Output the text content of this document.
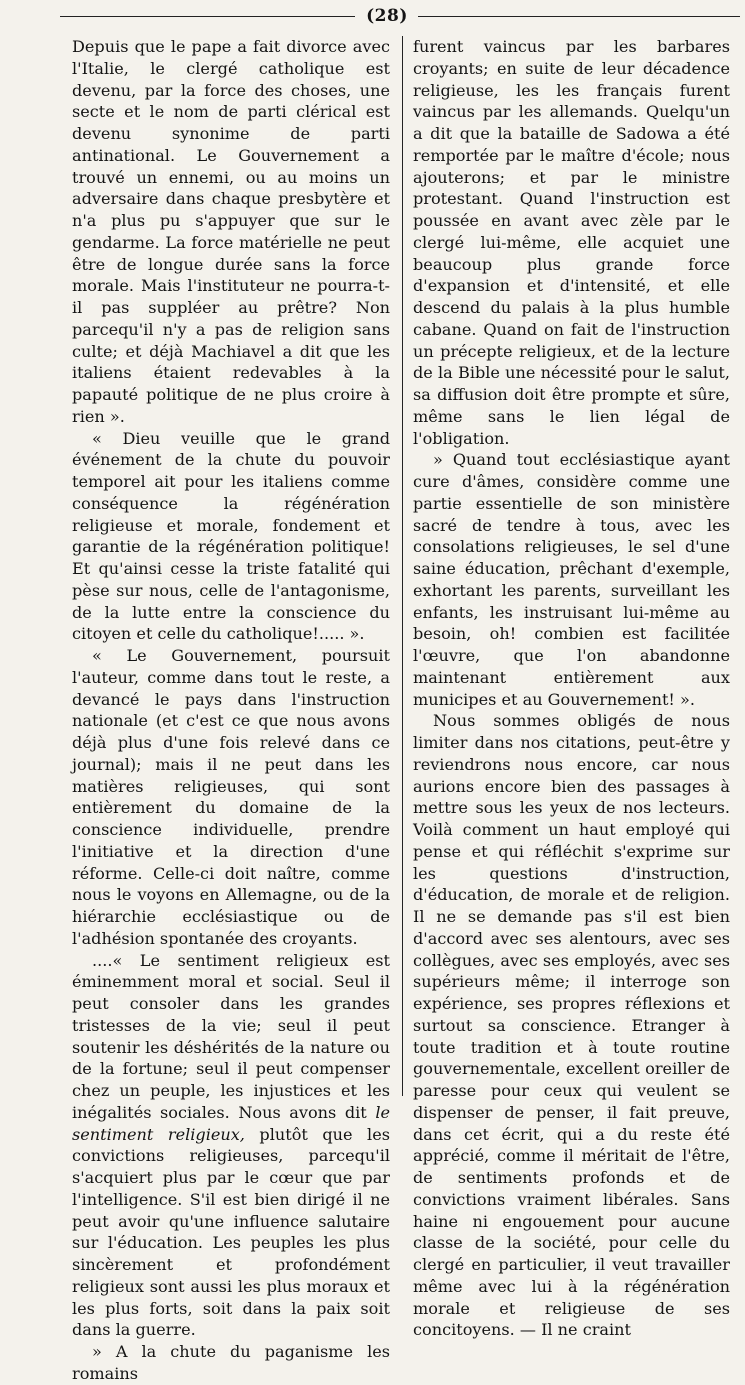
(28)

Depuis que le pape a fait divorce avec l'Italie, le clergé catholique est devenu, par la force des choses, une secte et le nom de parti clérical est devenu synonime de parti antinational. Le Gouvernement a trouvé un ennemi, ou au moins un adversaire dans chaque presbytère et n'a plus pu s'appuyer que sur le gendarme. La force matérielle ne peut être de longue durée sans la force morale. Mais l'instituteur ne pourra-t-il pas suppléer au prêtre? Non parcequ'il n'y a pas de religion sans culte; et déjà Machiavel a dit que les italiens étaient redevables à la papauté politique de ne plus croire à rien ».

« Dieu veuille que le grand événement de la chute du pouvoir temporel ait pour les italiens comme conséquence la régénération religieuse et morale, fondement et garantie de la régénération politique! Et qu'ainsi cesse la triste fatalité qui pèse sur nous, celle de l'antagonisme, de la lutte entre la conscience du citoyen et celle du catholique!..... ».

« Le Gouvernement, poursuit l'auteur, comme dans tout le reste, a devancé le pays dans l'instruction nationale (et c'est ce que nous avons déjà plus d'une fois relevé dans ce journal); mais il ne peut dans les matières religieuses, qui sont entièrement du domaine de la conscience individuelle, prendre l'initiative et la direction d'une réforme. Celle-ci doit naître, comme nous le voyons en Allemagne, ou de la hiérarchie ecclésiastique ou de l'adhésion spontanée des croyants.

....« Le sentiment religieux est éminemment moral et social. Seul il peut consoler dans les grandes tristesses de la vie; seul il peut soutenir les déshérités de la nature ou de la fortune; seul il peut compenser chez un peuple, les injustices et les inégalités sociales. Nous avons dit le sentiment religieux, plutôt que les convictions religieuses, parcequ'il s'acquiert plus par le cœur que par l'intelligence. S'il est bien dirigé il ne peut avoir qu'une influence salutaire sur l'éducation. Les peuples les plus sincèrement et profondément religieux sont aussi les plus moraux et les plus forts, soit dans la paix soit dans la guerre.

» A la chute du paganisme les romains

furent vaincus par les barbares croyants; en suite de leur décadence religieuse, les les français furent vaincus par les allemands. Quelqu'un a dit que la bataille de Sadowa a été remportée par le maître d'école; nous ajouterons; et par le ministre protestant. Quand l'instruction est poussée en avant avec zèle par le clergé lui-même, elle acquiet une beaucoup plus grande force d'expansion et d'intensité, et elle descend du palais à la plus humble cabane. Quand on fait de l'instruction un précepte religieux, et de la lecture de la Bible une nécessité pour le salut, sa diffusion doit être prompte et sûre, même sans le lien légal de l'obligation.

» Quand tout ecclésiastique ayant cure d'âmes, considère comme une partie essentielle de son ministère sacré de tendre à tous, avec les consolations religieuses, le sel d'une saine éducation, prêchant d'exemple, exhortant les parents, surveillant les enfants, les instruisant lui-même au besoin, oh! combien est facilitée l'œuvre, que l'on abandonne maintenant entièrement aux municipes et au Gouvernement! ».

Nous sommes obligés de nous limiter dans nos citations, peut-être y reviendrons nous encore, car nous aurions encore bien des passages à mettre sous les yeux de nos lecteurs. Voilà comment un haut employé qui pense et qui réfléchit s'exprime sur les questions d'instruction, d'éducation, de morale et de religion. Il ne se demande pas s'il est bien d'accord avec ses alentours, avec ses collègues, avec ses employés, avec ses supérieurs même; il interroge son expérience, ses propres réflexions et surtout sa conscience. Etranger à toute tradition et à toute routine gouvernementale, excellent oreiller de paresse pour ceux qui veulent se dispenser de penser, il fait preuve, dans cet écrit, qui a du reste été apprécié, comme il méritait de l'être, de sentiments profonds et de convictions vraiment libérales. Sans haine ni engouement pour aucune classe de la société, pour celle du clergé en particulier, il veut travailler même avec lui à la régénération morale et religieuse de ses concitoyens. — Il ne craint
